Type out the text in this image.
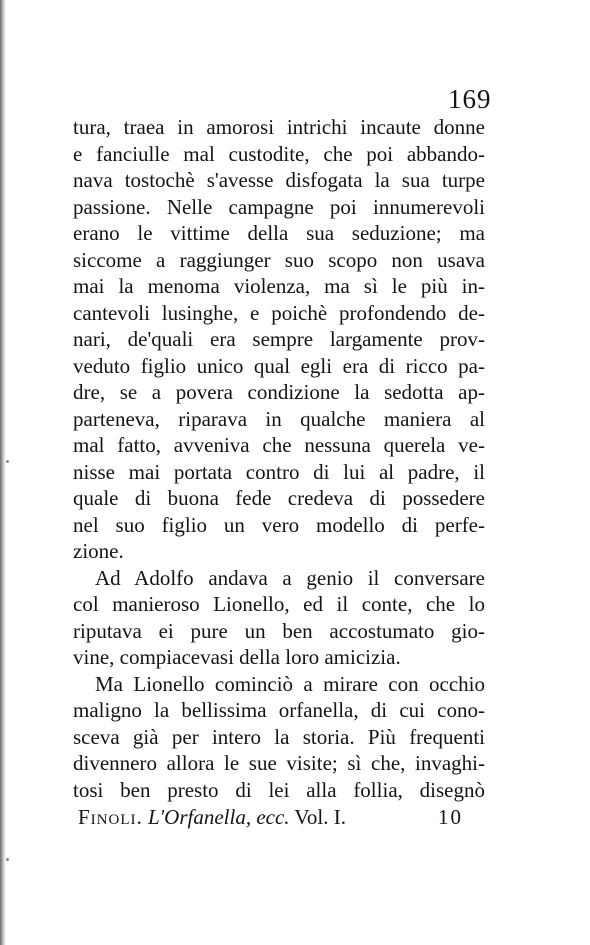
169
tura, traea in amorosi intrichi incaute donne
e fanciulle mal custodite, che poi abbando-
nava tostochè s'avesse disfogata la sua turpe
passione. Nelle campagne poi innumerevoli
erano le vittime della sua seduzione; ma
siccome a raggiunger suo scopo non usava
mai la menoma violenza, ma sì le più in-
cantevoli lusinghe, e poichè profondendo de-
nari, de'quali era sempre largamente prov-
veduto figlio unico qual egli era di ricco pa-
dre, se a povera condizione la sedotta ap-
parteneva, riparava in qualche maniera al
mal fatto, avveniva che nessuna querela ve-
nisse mai portata contro di lui al padre, il
quale di buona fede credeva di possedere
nel suo figlio un vero modello di perfe-
zione.
Ad Adolfo andava a genio il conversare
col manieroso Lionello, ed il conte, che lo
riputava ei pure un ben accostumato gio-
vine, compiacevasi della loro amicizia.
Ma Lionello cominciò a mirare con occhio
maligno la bellissima orfanella, di cui cono-
sceva già per intero la storia. Più frequenti
divennero allora le sue visite; sì che, invaghi-
tosi ben presto di lei alla follia, disegnò
Finoli. L'Orfanella, ecc. Vol. I.	10
